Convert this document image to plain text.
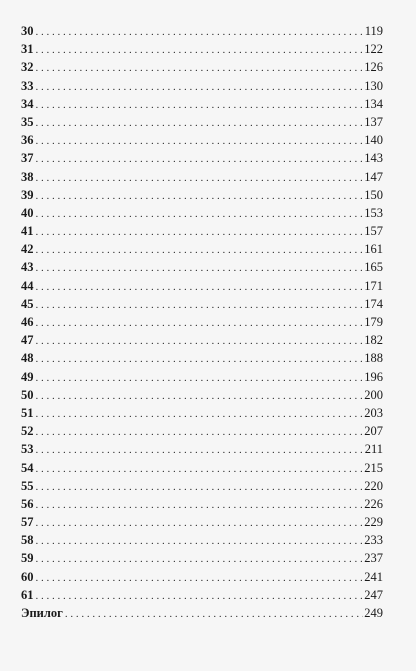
30 . . .	119
31 . . .	122
32 . . .	126
33 . . .	130
34 . . .	134
35 . . .	137
36 . . .	140
37 . . .	143
38 . . .	147
39 . . .	150
40 . . .	153
41 . . .	157
42 . . .	161
43 . . .	165
44 . . .	171
45 . . .	174
46 . . .	179
47 . . .	182
48 . . .	188
49 . . .	196
50 . . .	200
51 . . .	203
52 . . .	207
53 . . .	211
54 . . .	215
55 . . .	220
56 . . .	226
57 . . .	229
58 . . .	233
59 . . .	237
60 . . .	241
61 . . .	247
Эпилог . . .	249
